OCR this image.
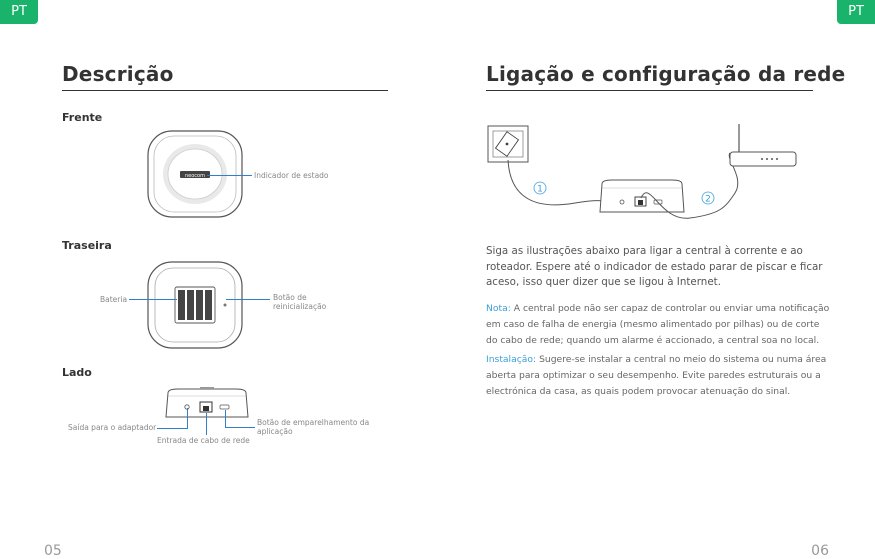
PT	PT
Descrição
Frente
neocom	Indicador de estado
Traseira
Bateria	Botão de
reinicialização
Lado
Saída para o adaptador
Entrada de cabo de rede
Botão de emparelhamento da
aplicação
05
Ligação e configuração da rede
1
2
Siga as ilustrações abaixo para ligar a central à corrente e ao
roteador. Espere até o indicador de estado parar de piscar e ficar
aceso, isso quer dizer que se ligou à Internet.
Nota: A central pode não ser capaz de controlar ou enviar uma notificação
em caso de falha de energia (mesmo alimentado por pilhas) ou de corte
do cabo de rede; quando um alarme é accionado, a central soa no local.
Instalação: Sugere-se instalar a central no meio do sistema ou numa área
aberta para optimizar o seu desempenho. Evite paredes estruturais ou a
electrónica da casa, as quais podem provocar atenuação do sinal.
06
